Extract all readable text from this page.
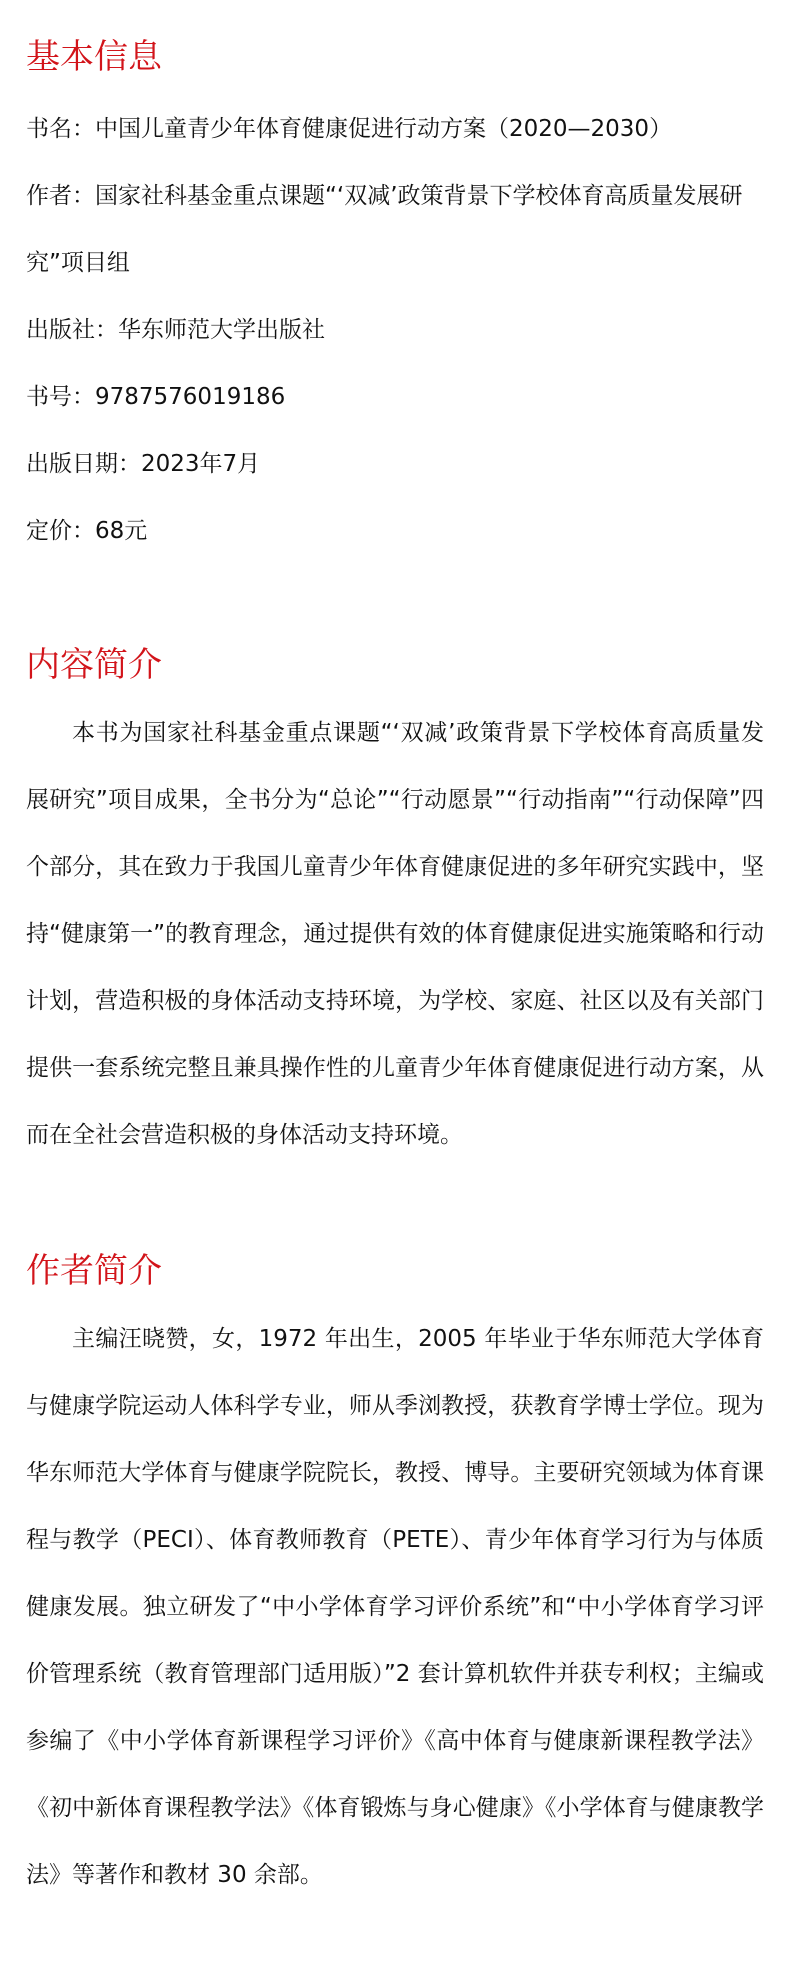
基本信息

书名：中国儿童青少年体育健康促进行动方案（2020—2030）

作者：国家社科基金重点课题“‘双减’政策背景下学校体育高质量发展研究”项目组

出版社：华东师范大学出版社

书号：9787576019186

出版日期：2023年7月

定价：68元

内容简介

本书为国家社科基金重点课题“‘双减’政策背景下学校体育高质量发展研究”项目成果，全书分为“总论”“行动愿景”“行动指南”“行动保障”四个部分，其在致力于我国儿童青少年体育健康促进的多年研究实践中，坚持“健康第一”的教育理念，通过提供有效的体育健康促进实施策略和行动计划，营造积极的身体活动支持环境，为学校、家庭、社区以及有关部门提供一套系统完整且兼具操作性的儿童青少年体育健康促进行动方案，从而在全社会营造积极的身体活动支持环境。

作者简介

主编汪晓赞，女，1972 年出生，2005 年毕业于华东师范大学体育与健康学院运动人体科学专业，师从季浏教授，获教育学博士学位。现为华东师范大学体育与健康学院院长，教授、博导。主要研究领域为体育课程与教学（PECI）、体育教师教育（PETE）、青少年体育学习行为与体质健康发展。独立研发了“中小学体育学习评价系统”和“中小学体育学习评价管理系统（教育管理部门适用版）”2 套计算机软件并获专利权；主编或参编了《中小学体育新课程学习评价》《高中体育与健康新课程教学法》《初中新体育课程教学法》《体育锻炼与身心健康》《小学体育与健康教学法》等著作和教材 30 余部。
